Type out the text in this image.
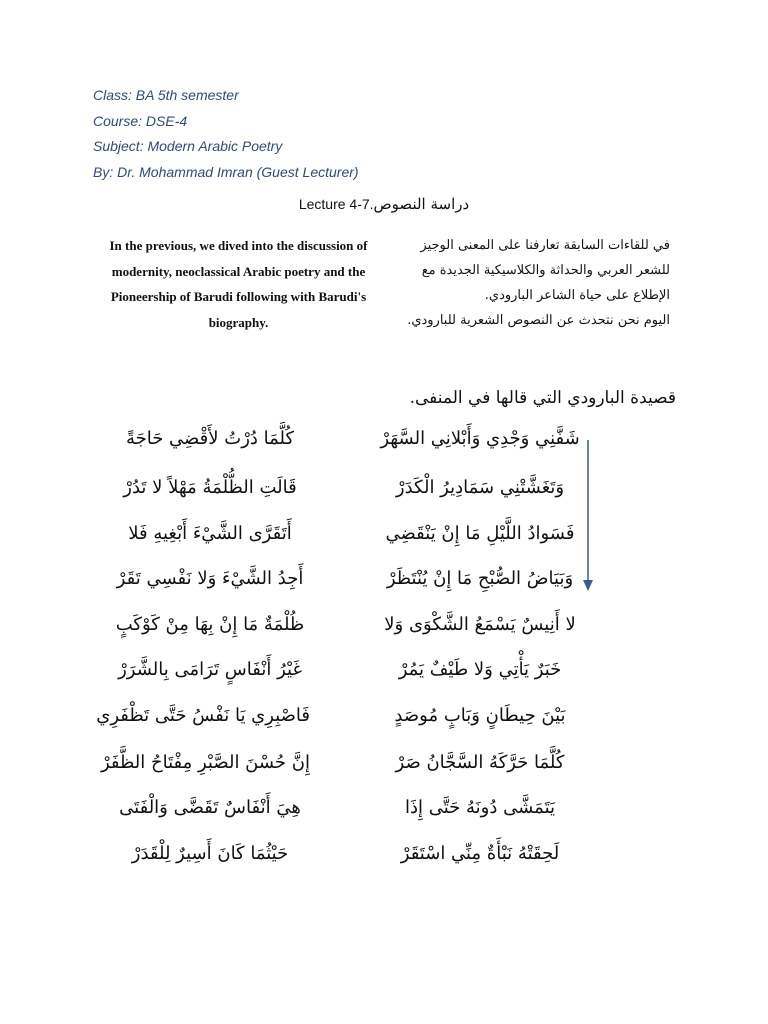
Class: BA 5th semester
Course: DSE-4
Subject: Modern Arabic Poetry
By: Dr. Mohammad Imran (Guest Lecturer)
Lecture 4-7.دراسة النصوص
In the previous, we dived into the discussion of modernity, neoclassical Arabic poetry and the Pioneership of Barudi following with Barudi's biography.

في للقاءات السابقة تعارفنا على المعنى الوجيز للشعر العربي والحداثة والكلاسيكية الجديدة مع الإطلاع على حياة الشاعر البارودي.

اليوم نحن نتحدث عن النصوص الشعرية للبارودي.

قصيدة البارودي التي قالها في المنفى.
شَفَّنِي وَجْدِي وَأَبْلانِي السَّهَرْ
كُلَّمَا دُرْتُ لأَقْضِي حَاجَةً
وَتَغَشَّتْنِي سَمَادِيرُ الْكَدَرْ
قَالَتِ الظُّلْمَةُ مَهْلاً لا تَدُرْ
فَسَوادُ اللَّيْلِ مَا إِنْ يَنْقَضِي
أَتَقَرَّى الشَّيْءَ أَبْغِيهِ فَلا
وَبَيَاضُ الصُّبْحِ مَا إِنْ يُنْتَظَرْ
أَجِدُ الشَّيْءَ وَلا نَفْسِي تَقَرْ
لا أَنِيسٌ يَسْمَعُ الشَّكْوَى وَلا
ظُلْمَةٌ مَا إِنْ بِهَا مِنْ كَوْكَبٍ
خَبَرٌ يَأْتِي وَلا طَيْفٌ يَمُرْ
غَيْرُ أَنْفَاسٍ تَرَامَى بِالشَّرَرْ
بَيْنَ حِيطَانٍ وَبَابٍ مُوصَدٍ
فَاصْبِرِي يَا نَفْسُ حَتَّى تَظْفَرِي
كُلَّمَا حَرَّكَهُ السَّجَّانُ صَرْ
إِنَّ حُسْنَ الصَّبْرِ مِفْتَاحُ الظَّفَرْ
يَتَمَشَّى دُونَهُ حَتَّى إِذَا
هِيَ أَنْفَاسٌ تَقَضَّى وَالْفَتَى
لَحِقَتْهُ نَبْأَةٌ مِنِّي اسْتَقَرْ
حَيْثُمَا كَانَ أَسِيرٌ لِلْقَدَرْ
